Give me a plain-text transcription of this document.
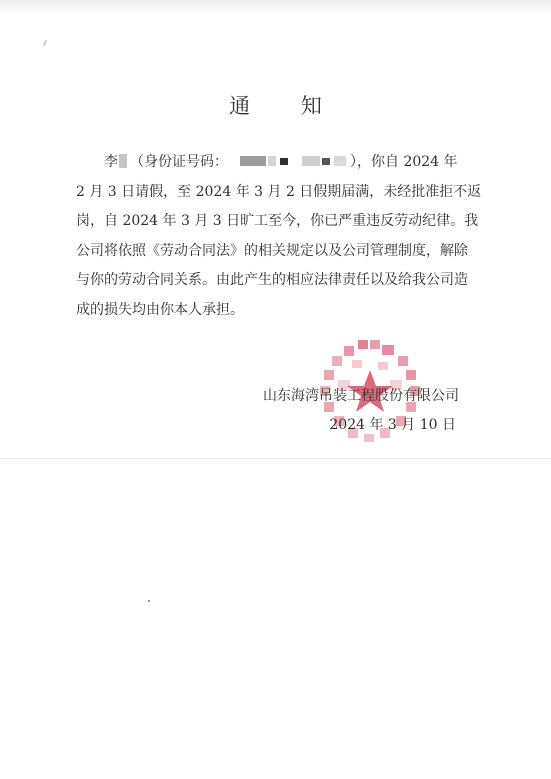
通 知
李 （身份证号码：	），你自 2024 年
2 月 3 日请假，至 2024 年 3 月 2 日假期届满，未经批准拒不返
岗，自 2024 年 3 月 3 日旷工至今，你已严重违反劳动纪律。我
公司将依照《劳动合同法》的相关规定以及公司管理制度，解除
与你的劳动合同关系。由此产生的相应法律责任以及给我公司造
成的损失均由你本人承担。
山东海湾吊装工程股份有限公司
2024 年 3 月 10 日
